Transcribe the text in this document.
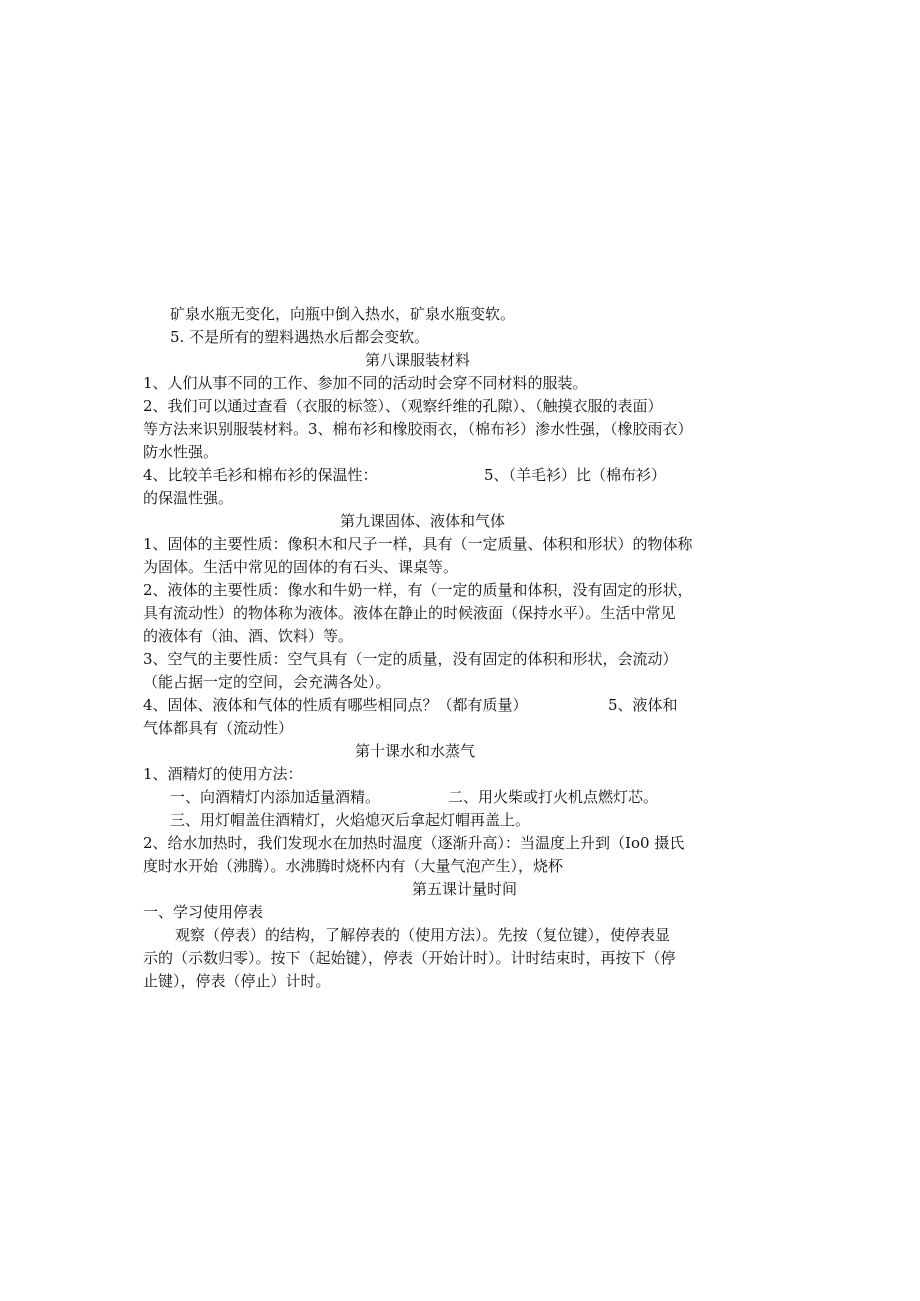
矿泉水瓶无变化，向瓶中倒入热水，矿泉水瓶变软。
5. 不是所有的塑料遇热水后都会变软。
第八课服装材料
1、人们从事不同的工作、参加不同的活动时会穿不同材料的服装。
2、我们可以通过查看（衣服的标签）、（观察纤维的孔隙）、（触摸衣服的表面）
等方法来识别服装材料。3、棉布衫和橡胶雨衣，（棉布衫）渗水性强，（橡胶雨衣）
防水性强。
4、比较羊毛衫和棉布衫的保温性：	5、（羊毛衫）比（棉布衫）
的保温性强。
第九课固体、液体和气体
1、固体的主要性质：像积木和尺子一样，具有（一定质量、体积和形状）的物体称
为固体。生活中常见的固体的有石头、课桌等。
2、液体的主要性质：像水和牛奶一样，有（一定的质量和体积，没有固定的形状，
具有流动性）的物体称为液体。液体在静止的时候液面（保持水平）。生活中常见
的液体有（油、酒、饮料）等。
3、空气的主要性质：空气具有（一定的质量，没有固定的体积和形状，会流动）
（能占据一定的空间，会充满各处）。
4、固体、液体和气体的性质有哪些相同点？（都有质量）	5、液体和
气体都具有（流动性）
第十课水和水蒸气
1、酒精灯的使用方法：
一、向酒精灯内添加适量酒精。	二、用火柴或打火机点燃灯芯。
三、用灯帽盖住酒精灯，火焰熄灭后拿起灯帽再盖上。
2、给水加热时，我们发现水在加热时温度（逐渐升高）：当温度上升到（Io0 摄氏
度时水开始（沸腾）。水沸腾时烧杯内有（大量气泡产生），烧杯
第五课计量时间
一、学习使用停表
观察（停表）的结构，了解停表的（使用方法）。先按（复位键），使停表显
示的（示数归零）。按下（起始键），停表（开始计时）。计时结束时，再按下（停
止键），停表（停止）计时。
